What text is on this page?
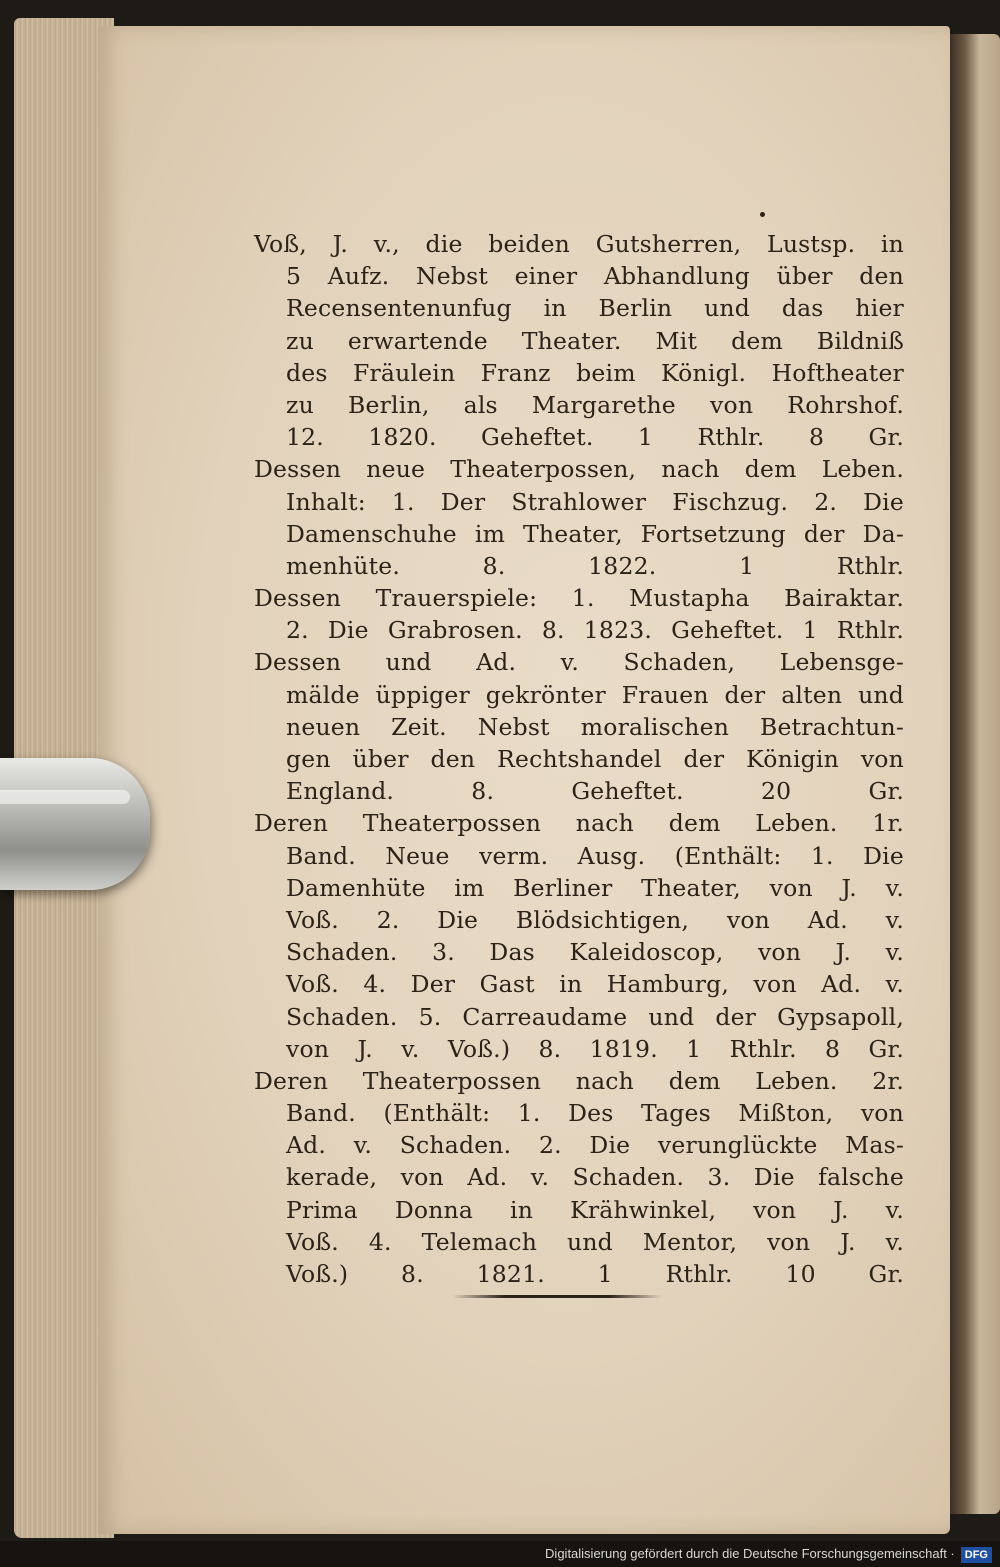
Voß, J. v., die beiden Gutsherren, Lustsp. in
5 Aufz. Nebst einer Abhandlung über den
Recensentenunfug in Berlin und das hier
zu erwartende Theater. Mit dem Bildniß
des Fräulein Franz beim Königl. Hoftheater
zu Berlin, als Margarethe von Rohrshof.
12. 1820. Geheftet. 1 Rthlr. 8 Gr.
Dessen neue Theaterpossen, nach dem Leben.
Inhalt: 1. Der Strahlower Fischzug. 2. Die
Damenschuhe im Theater, Fortsetzung der Da-
menhüte. 8. 1822. 1 Rthlr.
Dessen Trauerspiele: 1. Mustapha Bairaktar.
2. Die Grabrosen. 8. 1823. Geheftet. 1 Rthlr.
Dessen und Ad. v. Schaden, Lebensge-
mälde üppiger gekrönter Frauen der alten und
neuen Zeit. Nebst moralischen Betrachtun-
gen über den Rechtshandel der Königin von
England. 8. Geheftet. 20 Gr.
Deren Theaterpossen nach dem Leben. 1r.
Band. Neue verm. Ausg. (Enthält: 1. Die
Damenhüte im Berliner Theater, von J. v.
Voß. 2. Die Blödsichtigen, von Ad. v.
Schaden. 3. Das Kaleidoscop, von J. v.
Voß. 4. Der Gast in Hamburg, von Ad. v.
Schaden. 5. Carreaudame und der Gypsapoll,
von J. v. Voß.) 8. 1819. 1 Rthlr. 8 Gr.
Deren Theaterpossen nach dem Leben. 2r.
Band. (Enthält: 1. Des Tages Mißton, von
Ad. v. Schaden. 2. Die verunglückte Mas-
kerade, von Ad. v. Schaden. 3. Die falsche
Prima Donna in Krähwinkel, von J. v.
Voß. 4. Telemach und Mentor, von J. v.
Voß.) 8. 1821. 1 Rthlr. 10 Gr.
Digitalisierung gefördert durch die Deutsche Forschungsgemeinschaft · DFG
